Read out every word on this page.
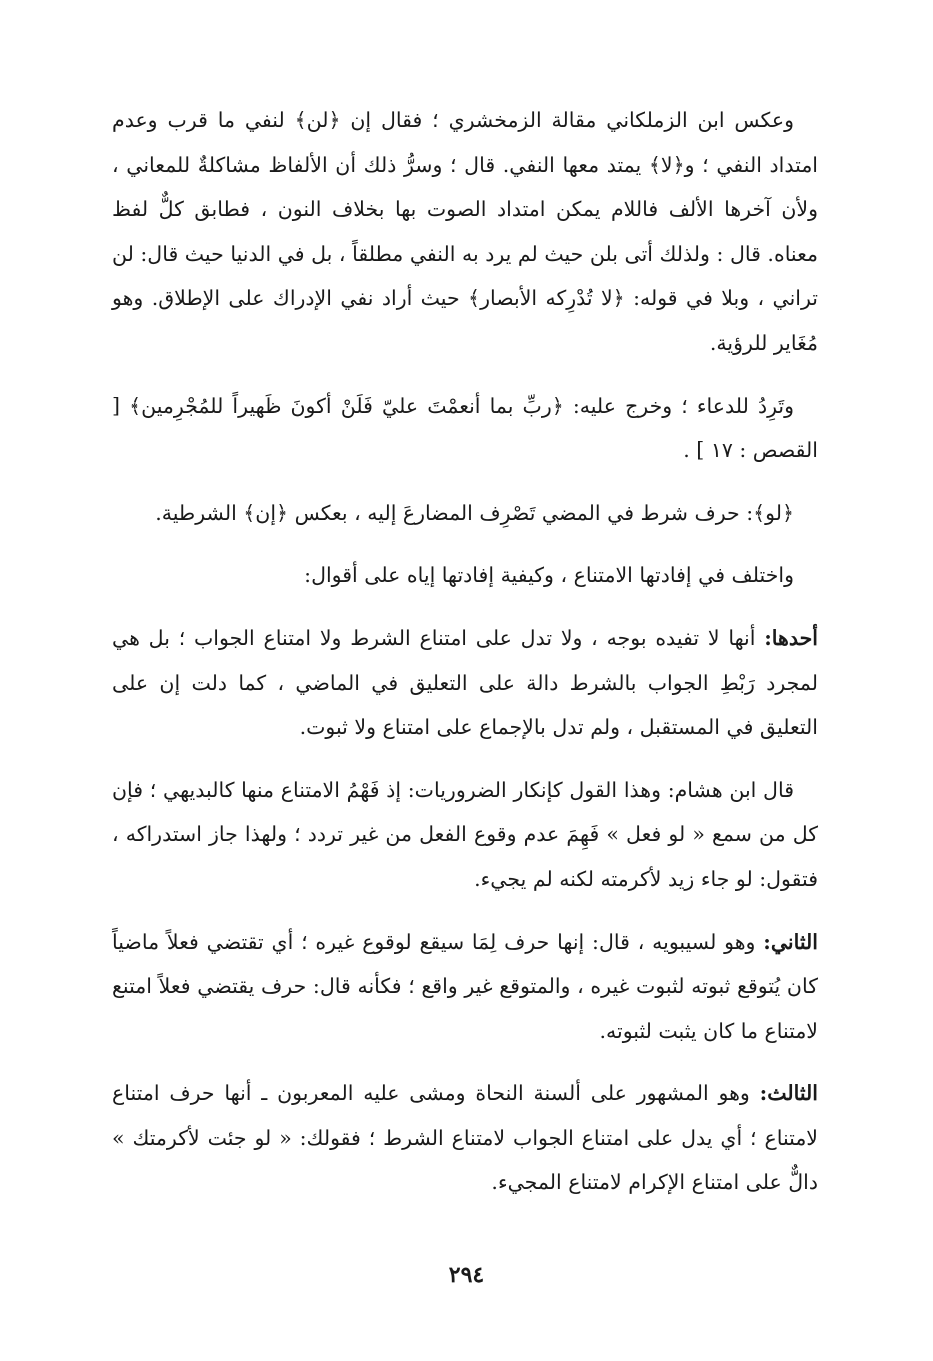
وعكس ابن الزملكاني مقالة الزمخشري ؛ فقال إن ﴿لن﴾ لنفي ما قرب وعدم امتداد النفي ؛ و﴿لا﴾ يمتد معها النفي. قال ؛ وسرُّ ذلك أن الألفاظ مشاكلةٌ للمعاني ، ولأن آخرها الألف فاللام يمكن امتداد الصوت بها بخلاف النون ، فطابق كلٌّ لفظ معناه. قال : ولذلك أتى بلن حيث لم يرد به النفي مطلقاً ، بل في الدنيا حيث قال: لن تراني ، وبلا في قوله: ﴿لا تُدْرِكه الأبصار﴾ حيث أراد نفي الإدراك على الإطلاق. وهو مُغَاير للرؤية.

وتَرِدُ للدعاء ؛ وخرج عليه: ﴿ربِّ بما أنعمْتَ عليّ فَلَنْ أكونَ ظَهيراً للمُجْرِمين﴾ [ القصص : ١٧ ] .

﴿لو﴾: حرف شرط في المضي تَصْرِف المضارعَ إليه ، بعكس ﴿إن﴾ الشرطية.

واختلف في إفادتها الامتناع ، وكيفية إفادتها إياه على أقوال:

أحدها: أنها لا تفيده بوجه ، ولا تدل على امتناع الشرط ولا امتناع الجواب ؛ بل هي لمجرد رَبْطِ الجواب بالشرط دالة على التعليق في الماضي ، كما دلت إن على التعليق في المستقبل ، ولم تدل بالإجماع على امتناع ولا ثبوت.

قال ابن هشام: وهذا القول كإنكار الضروريات: إذ فَهْمُ الامتناع منها كالبديهي ؛ فإن كل من سمع « لو فعل » فَهِمَ عدم وقوع الفعل من غير تردد ؛ ولهذا جاز استدراكه ، فتقول: لو جاء زيد لأكرمته لكنه لم يجيء.

الثاني: وهو لسيبويه ، قال: إنها حرف لِمَا سيقع لوقوع غيره ؛ أي تقتضي فعلاً ماضياً كان يُتوقع ثبوته لثبوت غيره ، والمتوقع غير واقع ؛ فكأنه قال: حرف يقتضي فعلاً امتنع لامتناع ما كان يثبت لثبوته.

الثالث: وهو المشهور على ألسنة النحاة ومشى عليه المعربون ـ أنها حرف امتناع لامتناع ؛ أي يدل على امتناع الجواب لامتناع الشرط ؛ فقولك: « لو جئت لأكرمتك » دالٌّ على امتناع الإكرام لامتناع المجيء.

٢٩٤
